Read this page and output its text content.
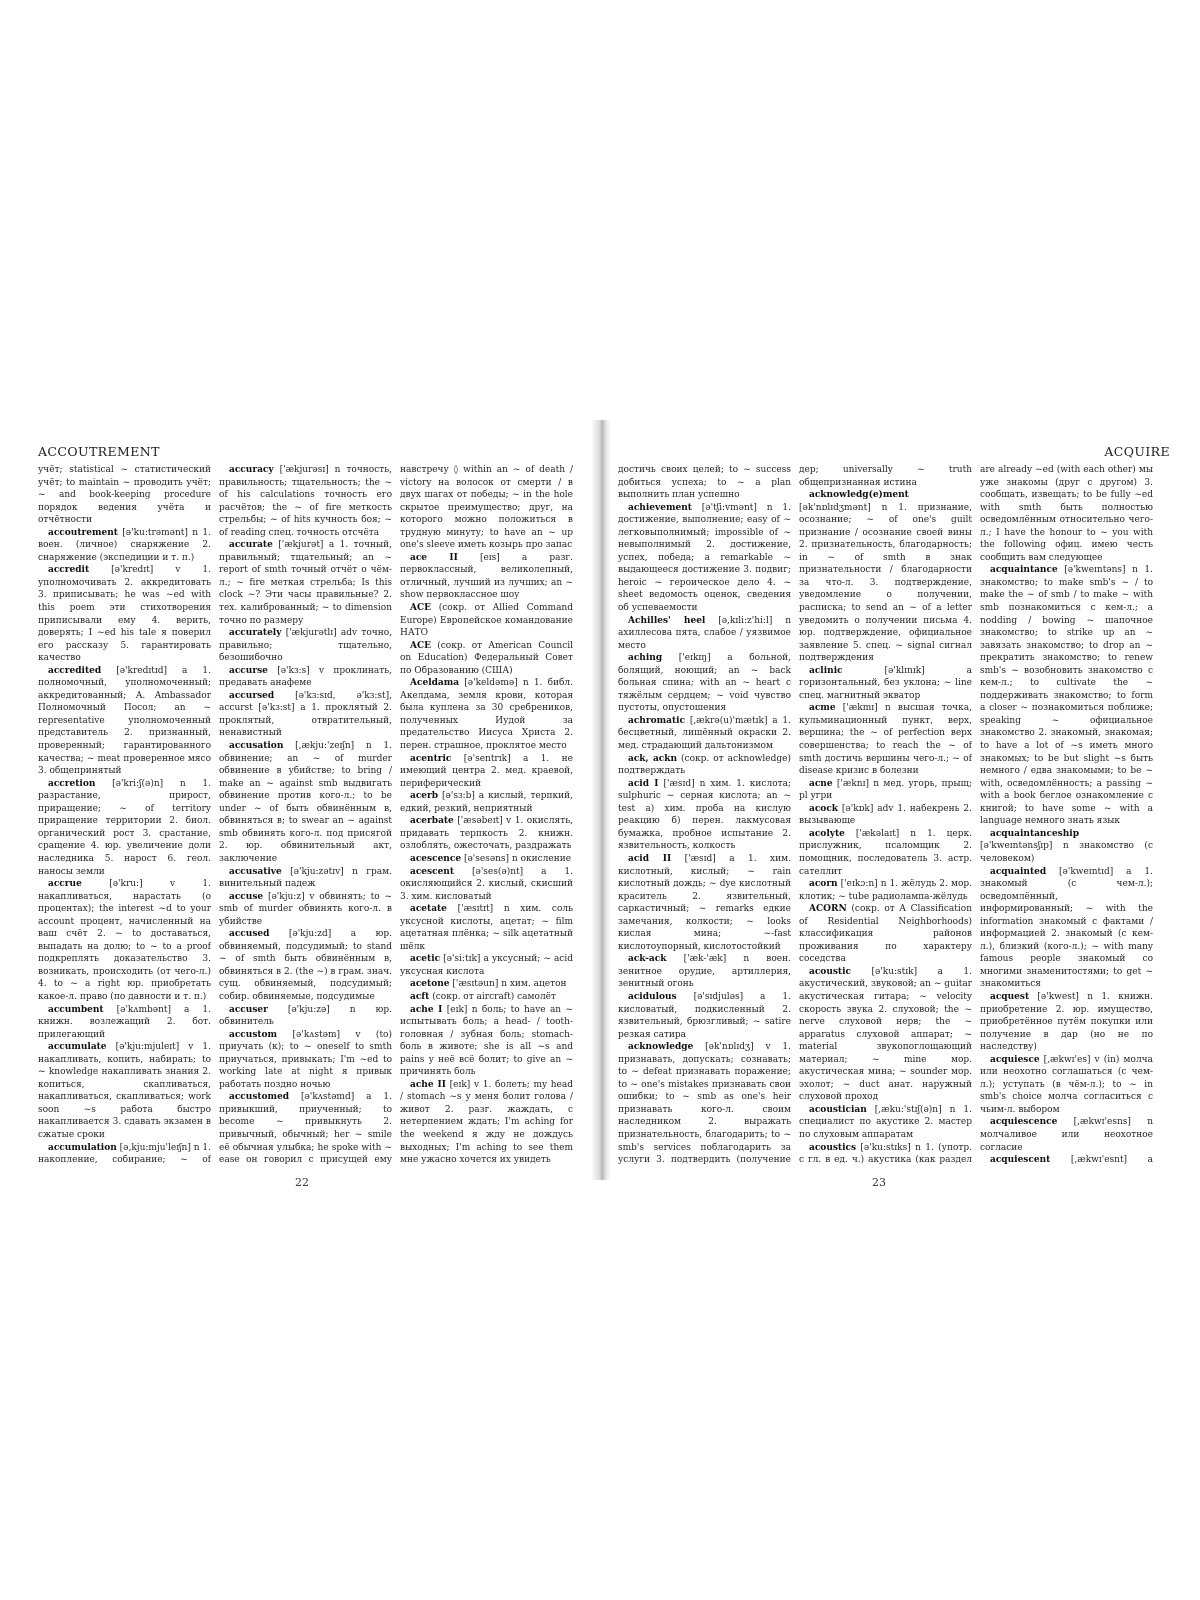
ACCOUTREMENT

учёт; statistical ~ статистический учёт; to maintain ~ проводить учёт; ~ and book-keeping procedure порядок ведения учёта и отчётности

accoutrement [ə'ku:trəmənt] n 1. воен. (личное) снаряжение 2. снаряжение (экспедиции и т. п.)

accredit [ə'kredɪt] v 1. уполномочивать 2. аккредитовать 3. приписывать; he was ~ed with this poem эти стихотворения приписывали ему 4. верить, доверять; I ~ed his tale я поверил его рассказу 5. гарантировать качество

accredited [ə'kredɪtɪd] a 1. полномочный, уполномоченный; аккредитованный; A. Ambassador Полномочный Посол; an ~ representative уполномоченный представитель 2. признанный, проверенный; гарантированного качества; ~ meat проверенное мясо 3. общепринятый

accretion [ə'kri:ʃ(ə)n] n 1. разрастание, прирост, приращение; ~ of territory приращение территории 2. биол. органический рост 3. срастание, сращение 4. юр. увеличение доли наследника 5. нарост 6. геол. наносы земли

accrue	[ə'kru:] v 1. накапливаться, нарастать (о процентах); the interest ~d to your account процент, начисленный на ваш счёт 2. ~ to доставаться, выпадать на долю; to ~ to a proof подкреплять доказательство 3. возникать, происходить (от чего-л.) 4. to ~ a right юр. приобретать какое-л. право (по давности и т. п.)

accumbent [ə'kʌmbənt] a 1. книжн. возлежащий 2. бот. прилегающий

accumulate [ə'kju:mjuleɪt] v 1. накапливать, копить, набирать; to ~ knowledge накапливать знания 2. копиться, скапливаться, накапливаться, скапливаться; work soon ~s работа быстро накапливается 3. сдавать экзамен в сжатые сроки

accumulation [ə,kju:mju'leɪʃn] n 1. накопление, собирание; ~ of

accuracy ['ækjurəsɪ] n точность, правильность; тщательность; the ~ of his calculations точность его расчётов; the ~ of fire меткость стрельбы; ~ of hits кучность боя; ~ of reading спец. точность отсчёта

accurate ['ækjurət] a 1. точный, правильный; тщательный; an ~ report of smth точный отчёт о чём-л.; ~ fire меткая стрельба; Is this clock ~? Эти часы правильные? 2. тех. калиброванный; ~ to dimension точно по размеру

accurately ['ækjurətlɪ] adv точно, правильно; тщательно, безошибочно

accurse [ə'kɜ:s] v проклинать, предавать анафеме

accursed [ə'kɜ:sɪd, ə'kɜ:st], accurst [ə'kɜ:st] a 1. проклятый 2. проклятый, отвратительный, ненавистный

accusation [,ækju:'zeɪʃn] n 1. обвинение; an ~ of murder обвинение в убийстве; to bring / make an ~ against smb выдвигать обвинение против кого-л.; to be under ~ of быть обвинённым в, обвиняться в; to swear an ~ against smb обвинять кого-л. под присягой 2. юр. обвинительный акт, заключение

accusative [ə'kju:zətɪv] n грам. винительный падеж

accuse [ə'kju:z] v обвинять; to ~ smb of murder обвинять кого-л. в убийстве

accused [ə'kju:zd] a юр. обвиняемый, подсудимый; to stand ~ of smth быть обвинённым в, обвиняться в 2. (the ~) в грам. знач. сущ. обвиняемый, подсудимый; собир. обвиняемые, подсудимые

accuser [ə'kju:zə] n юр. обвинитель

accustom [ə'kʌstəm] v (to) приучать (к); to ~ oneself to smth приучаться, привыкать; I'm ~ed to working late at night я привык работать поздно ночью

accustomed [ə'kʌstəmd] a 1. привыкший, приученный; to become ~ привыкнуть 2. привычный, обычный; her ~ smile её обычная улыбка; he spoke with ~ ease он говорил с присущей ему

навстречу ◊ within an ~ of death / victory на волосок от смерти / в двух шагах от победы; ~ in the hole скрытое преимущество; друг, на которого можно положиться в трудную минуту; to have an ~ up one's sleeve иметь козырь про запас

ace II [eɪs] a разг. первоклассный, великолепный, отличный, лучший из лучших; an ~ show первоклассное шоу

ACE (сокр. от Allied Command Europe) Европейское командование НАТО

ACE (сокр. от American Council on Education) Федеральный Совет по Образованию (США)

Aceldama [ə'keldəmə] n 1. библ. Акелдама, земля крови, которая была куплена за 30 сребреников, полученных Иудой за предательство Иисуса Христа 2. перен. страшное, проклятое место

acentric [ə'sentrɪk] a 1. не имеющий центра 2. мед. краевой, периферический

acerb [ə'sɜ:b] a кислый, терпкий, едкий, резкий, неприятный

acerbate ['æsəbeɪt] v 1. окислять, придавать терпкость 2. книжн. озлоблять, ожесточать, раздражать

acescence [ə'sesəns] n окисление

acescent [ə'ses(ə)nt] a 1. окисляющийся 2. кислый, скисший 3. хим. кисловатый

acetate ['æsɪtɪt] n хим. соль уксусной кислоты, ацетат; ~ film ацетатная плёнка; ~ silk ацетатный шёлк

acetic [ə'si:tɪk] a уксусный; ~ acid уксусная кислота

acetone ['æsɪtəun] n хим. ацетон

acft (сокр. от aircraft) самолёт

ache I [eɪk] n боль; to have an ~ испытывать боль; a head- / tooth- головная / зубная боль; stomach- боль в животе; she is all ~s and pains у неё всё болит; to give an ~ причинять боль

ache II [eɪk] v 1. болеть; my head / stomach ~s у меня болит голова / живот 2. разг. жаждать, с нетерпением ждать; I'm aching for the weekend я жду не дождусь выходных; I'm aching to see them мне ужасно хочется их увидеть

22
ACQUIRE

достичь своих целей; to ~ success добиться успеха; to ~ a plan выполнить план успешно

achievement [ə'tʃi:vmənt] n 1. достижение, выполнение; easy of ~ легковыполнимый; impossible of ~ невыполнимый 2. достижение, успех, победа; a remarkable ~ выдающееся достижение 3. подвиг; heroic ~ героическое дело 4. ~ sheet ведомость оценок, сведения об успеваемости

Achilles' heel [ə,kɪli:z'hi:l] n ахиллесова пята, слабое / уязвимое место

aching ['eɪkɪŋ] a больной, болящий, ноющий; an ~ back больная спина; with an ~ heart с тяжёлым сердцем; ~ void чувство пустоты, опустошения

achromatic [,ækrə(u)'mætɪk] a 1. бесцветный, лишённый окраски 2. мед. страдающий дальтонизмом

ack, ackn (сокр. от acknowledge) подтверждать

acid I ['æsɪd] n хим. 1. кислота; sulphuric ~ серная кислота; an ~ test а) хим. проба на кислую реакцию б) перен. лакмусовая бумажка, пробное испытание 2. язвительность, колкость

acid II ['æsɪd] a 1. хим. кислотный, кислый; ~ rain кислотный дождь; ~ dye кислотный краситель 2. язвительный, саркастичный; ~ remarks едкие замечания, колкости; ~ looks кислая мина; ~-fast кислотоупорный, кислотостойкий

ack-ack ['æk-'æk] n воен. зенитное орудие, артиллерия, зенитный огонь

acidulous [ə'sɪdjuləs] a 1. кисловатый, подкисленный 2. язвительный, брюзгливый; ~ satire резкая сатира

acknowledge [ək'nɒlɪdʒ] v 1. признавать, допускать; сознавать; to ~ defeat признавать поражение; to ~ one's mistakes признавать свои ошибки; to ~ smb as one's heir признавать кого-л. своим наследником 2. выражать признательность, благодарить; to ~ smb's services поблагодарить за услуги 3. подтвердить (получение

дер; universally ~ truth общепризнанная истина

acknowledg(e)ment [ək'nɒlɪdʒmənt] n 1. признание, осознание; ~ of one's guilt признание / осознание своей вины 2. признательность, благодарность; in ~ of smth в знак признательности / благодарности за что-л. 3. подтверждение, уведомление о получении, расписка; to send an ~ of a letter уведомить о получении письма 4. юр. подтверждение, официальное заявление 5. спец. ~ signal сигнал подтверждения

aclinic	[ə'klɪnɪk] a горизонтальный, без уклона; ~ line спец. магнитный экватор

acme ['ækmɪ] n высшая точка, кульминационный пункт, верх, вершина; the ~ of perfection верх совершенства; to reach the ~ of smth достичь вершины чего-л.; ~ of disease кризис в болезни

acne ['æknɪ] n мед. угорь, прыщ; pl угри

acock [ə'kɒk] adv 1. набекрень 2. вызывающе

acolyte ['ækəlaɪt] n 1. церк. прислужник, псаломщик 2. помощник, последователь 3. астр. сателлит

acorn ['eɪkɔ:n] n 1. жёлудь 2. мор. клотик; ~ tube радиолампа-жёлудь

ACORN (сокр. от A Classification of Residential Neighborhoods) классификация районов проживания по характеру соседства

acoustic [ə'ku:stɪk] a 1. акустический, звуковой; an ~ guitar акустическая гитара; ~ velocity скорость звука 2. слуховой; the ~ nerve слуховой нерв; the ~ apparatus слуховой аппарат; ~ material звукопоглощающий материал; ~ mine мор. акустическая мина; ~ sounder мор. эхолот; ~ duct анат. наружный слуховой проход

acoustician [,æku:'stɪʃ(ə)n] n 1. специалист по акустике 2. мастер по слуховым аппаратам

acoustics [ə'ku:stɪks] n 1. (употр. с гл. в ед. ч.) акустика (как раздел

are already ~ed (with each other) мы уже знакомы (друг с другом) 3. сообщать, извещать; to be fully ~ed with smth быть полностью осведомлённым относительно чего-л.; I have the honour to ~ you with the following офиц. имею честь сообщить вам следующее

acquaintance [ə'kweɪntəns] n 1. знакомство; to make smb's ~ / to make the ~ of smb / to make ~ with smb познакомиться с кем-л.; a nodding / bowing ~ шапочное знакомство; to strike up an ~ завязать знакомство; to drop an ~ прекратить знакомство; to renew smb's ~ возобновить знакомство с кем-л.; to cultivate the ~ поддерживать знакомство; to form a closer ~ познакомиться поближе; speaking ~ официальное знакомство 2. знакомый, знакомая; to have a lot of ~s иметь много знакомых; to be but slight ~s быть немного / едва знакомыми; to be ~ with, осведомлённость; a passing ~ with a book беглое ознакомление с книгой; to have some ~ with a language немного знать язык

acquaintanceship [ə'kweɪntənsʃɪp] n знакомство (с человеком)

acquainted [ə'kweɪntɪd] a 1. знакомый (с чем-л.); осведомлённый, информированный; ~ with the information знакомый с фактами / информацией 2. знакомый (с кем-л.), близкий (кого-л.); ~ with many famous people знакомый со многими знаменитостями; to get ~ знакомиться

acquest [ə'kwest] n 1. книжн. приобретение 2. юр. имущество, приобретённое путём покупки или получение в дар (но не по наследству)

acquiesce [,ækwɪ'es] v (in) молча или неохотно соглашаться (с чем-л.); уступать (в чём-л.); to ~ in smb's choice молча согласиться с чьим-л. выбором

acquiescence [,ækwɪ'esns] n молчаливое или неохотное согласие

acquiescent [,ækwɪ'esnt] a

23
